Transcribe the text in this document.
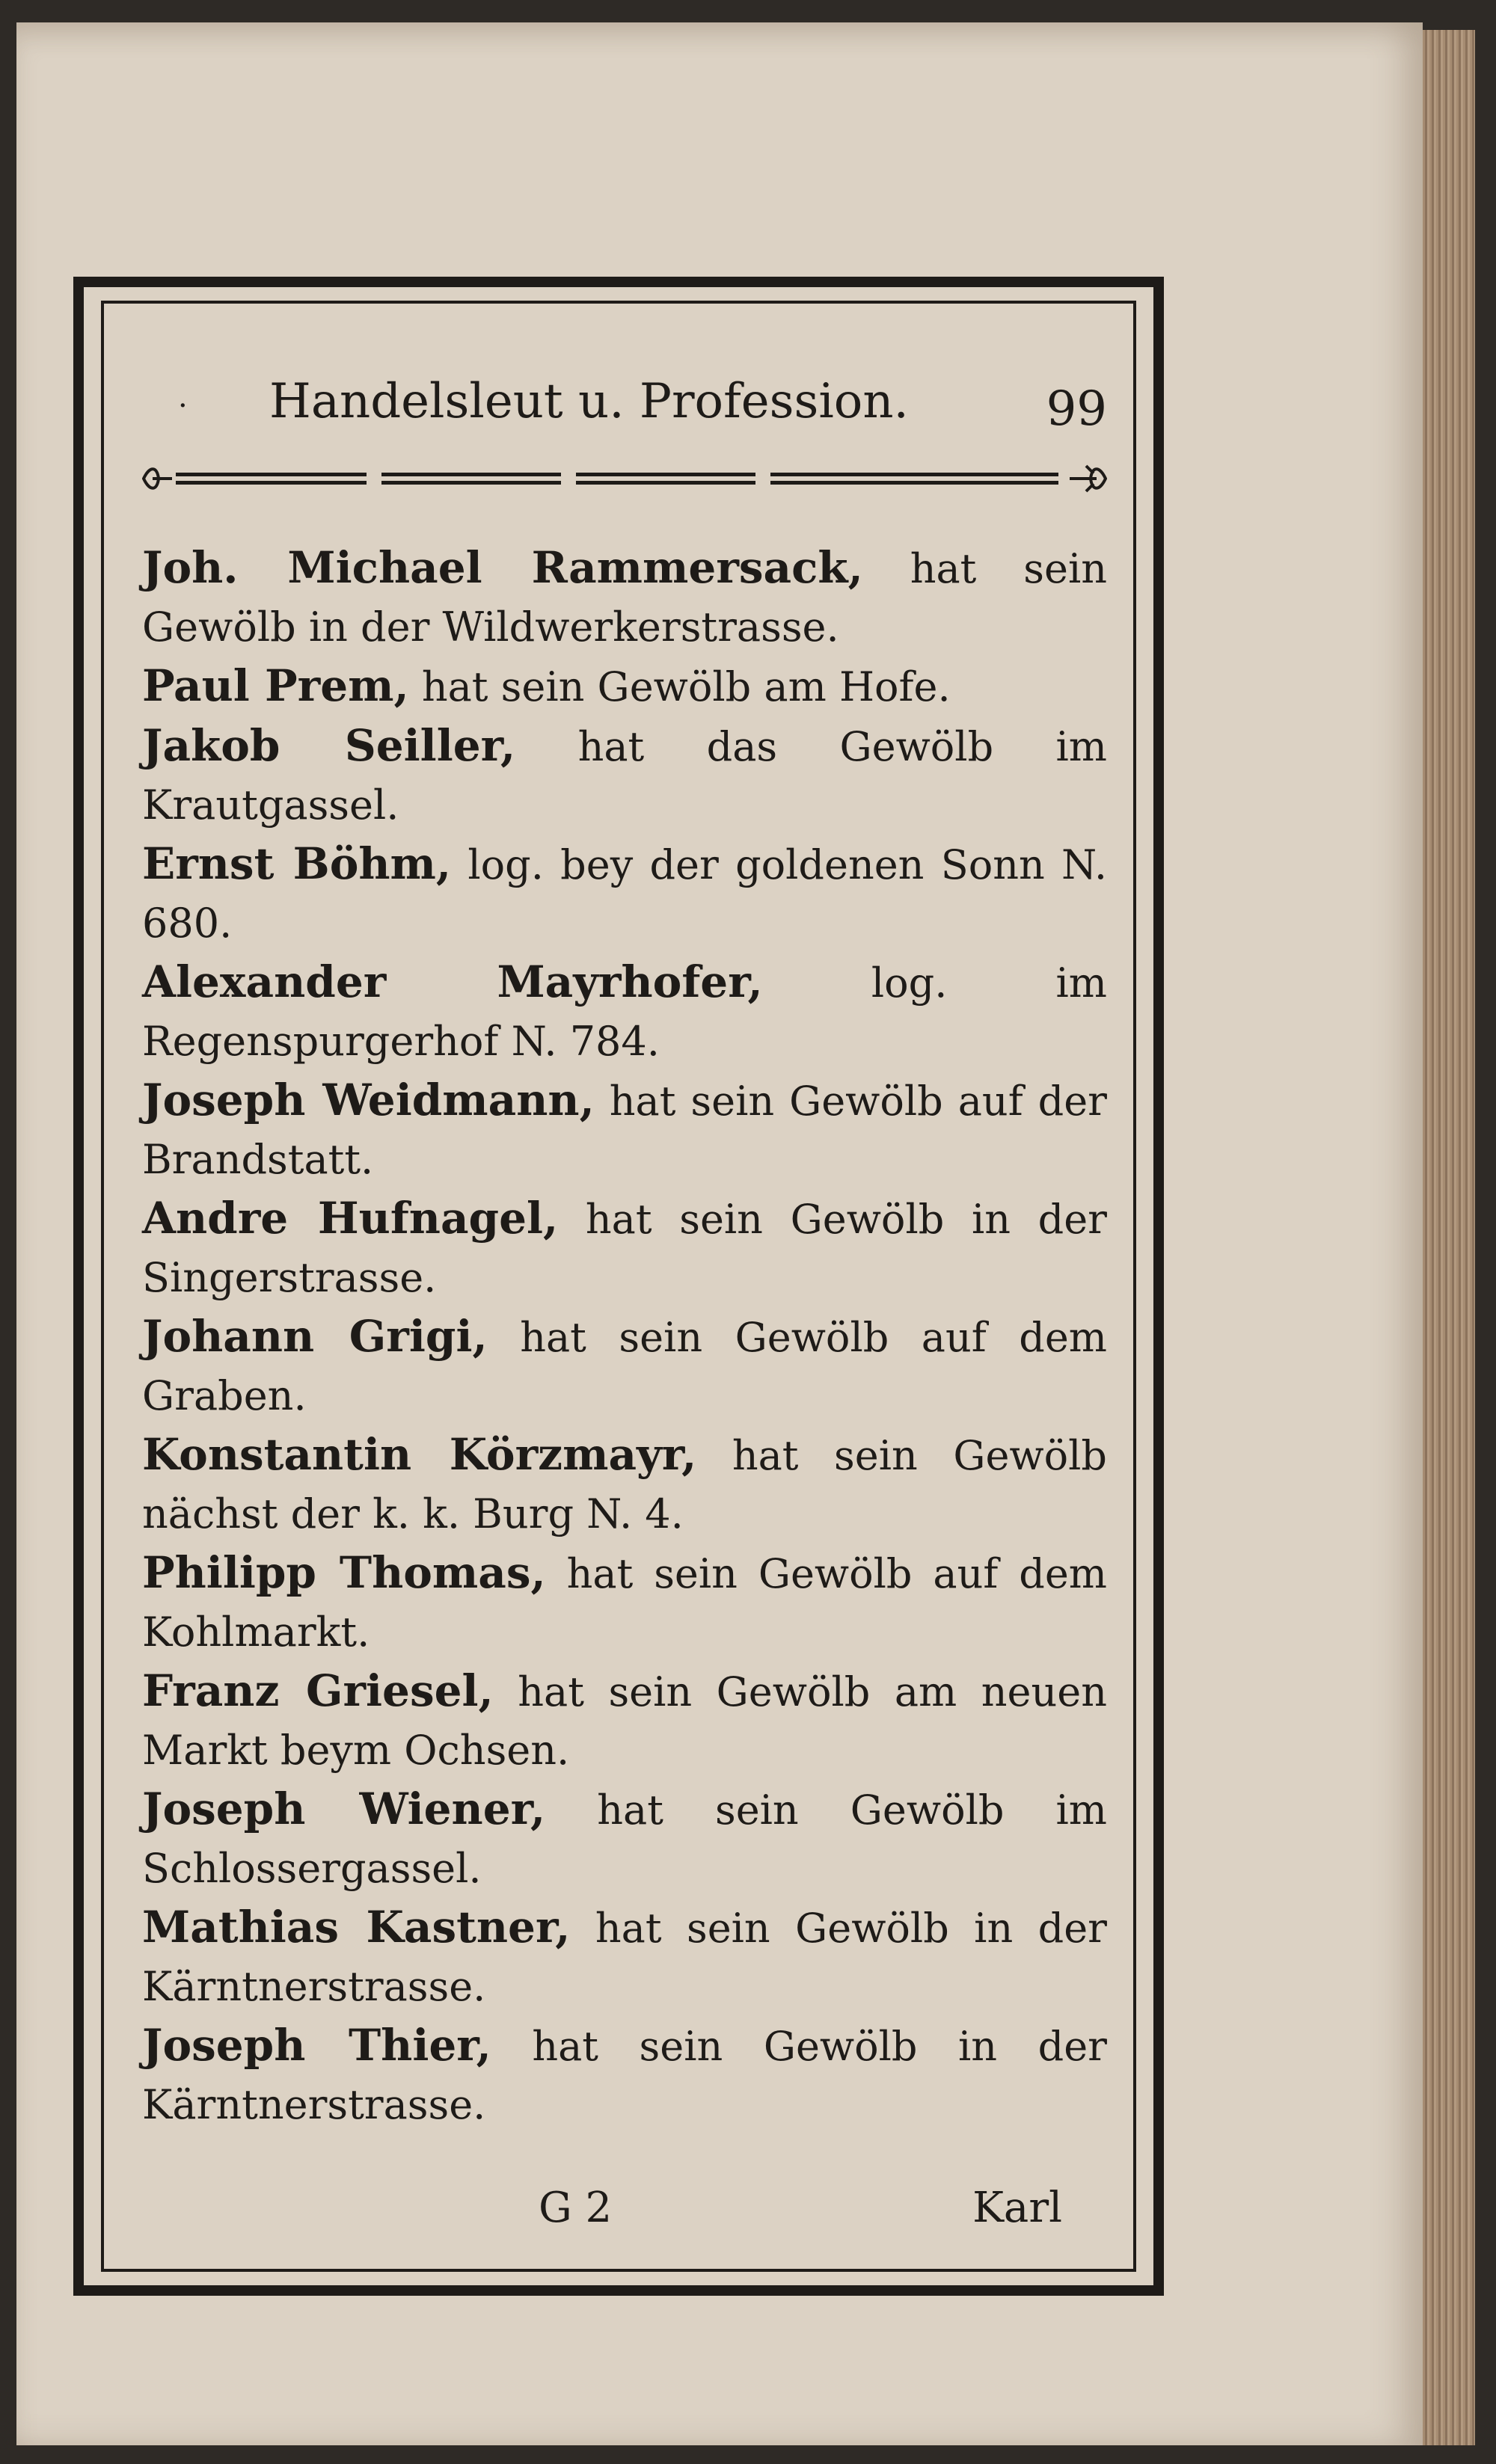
· Handelsleut u. Profession.	99

Joh. Michael Rammersack, hat sein Gewölb in der Wildwerkerstrasse.

Paul Prem, hat sein Gewölb am Hofe.

Jakob Seiller, hat das Gewölb im Krautgassel.

Ernst Böhm, log. bey der goldenen Sonn N. 680.

Alexander Mayrhofer, log. im Regenspurgerhof N. 784.

Joseph Weidmann, hat sein Gewölb auf der Brandstatt.

Andre Hufnagel, hat sein Gewölb in der Singerstrasse.

Johann Grigi, hat sein Gewölb auf dem Graben.

Konstantin Körzmayr, hat sein Gewölb nächst der k. k. Burg N. 4.

Philipp Thomas, hat sein Gewölb auf dem Kohlmarkt.

Franz Griesel, hat sein Gewölb am neuen Markt beym Ochsen.

Joseph Wiener, hat sein Gewölb im Schlossergassel.

Mathias Kastner, hat sein Gewölb in der Kärntnerstrasse.

Joseph Thier, hat sein Gewölb in der Kärntnerstrasse.

G 2	Karl
